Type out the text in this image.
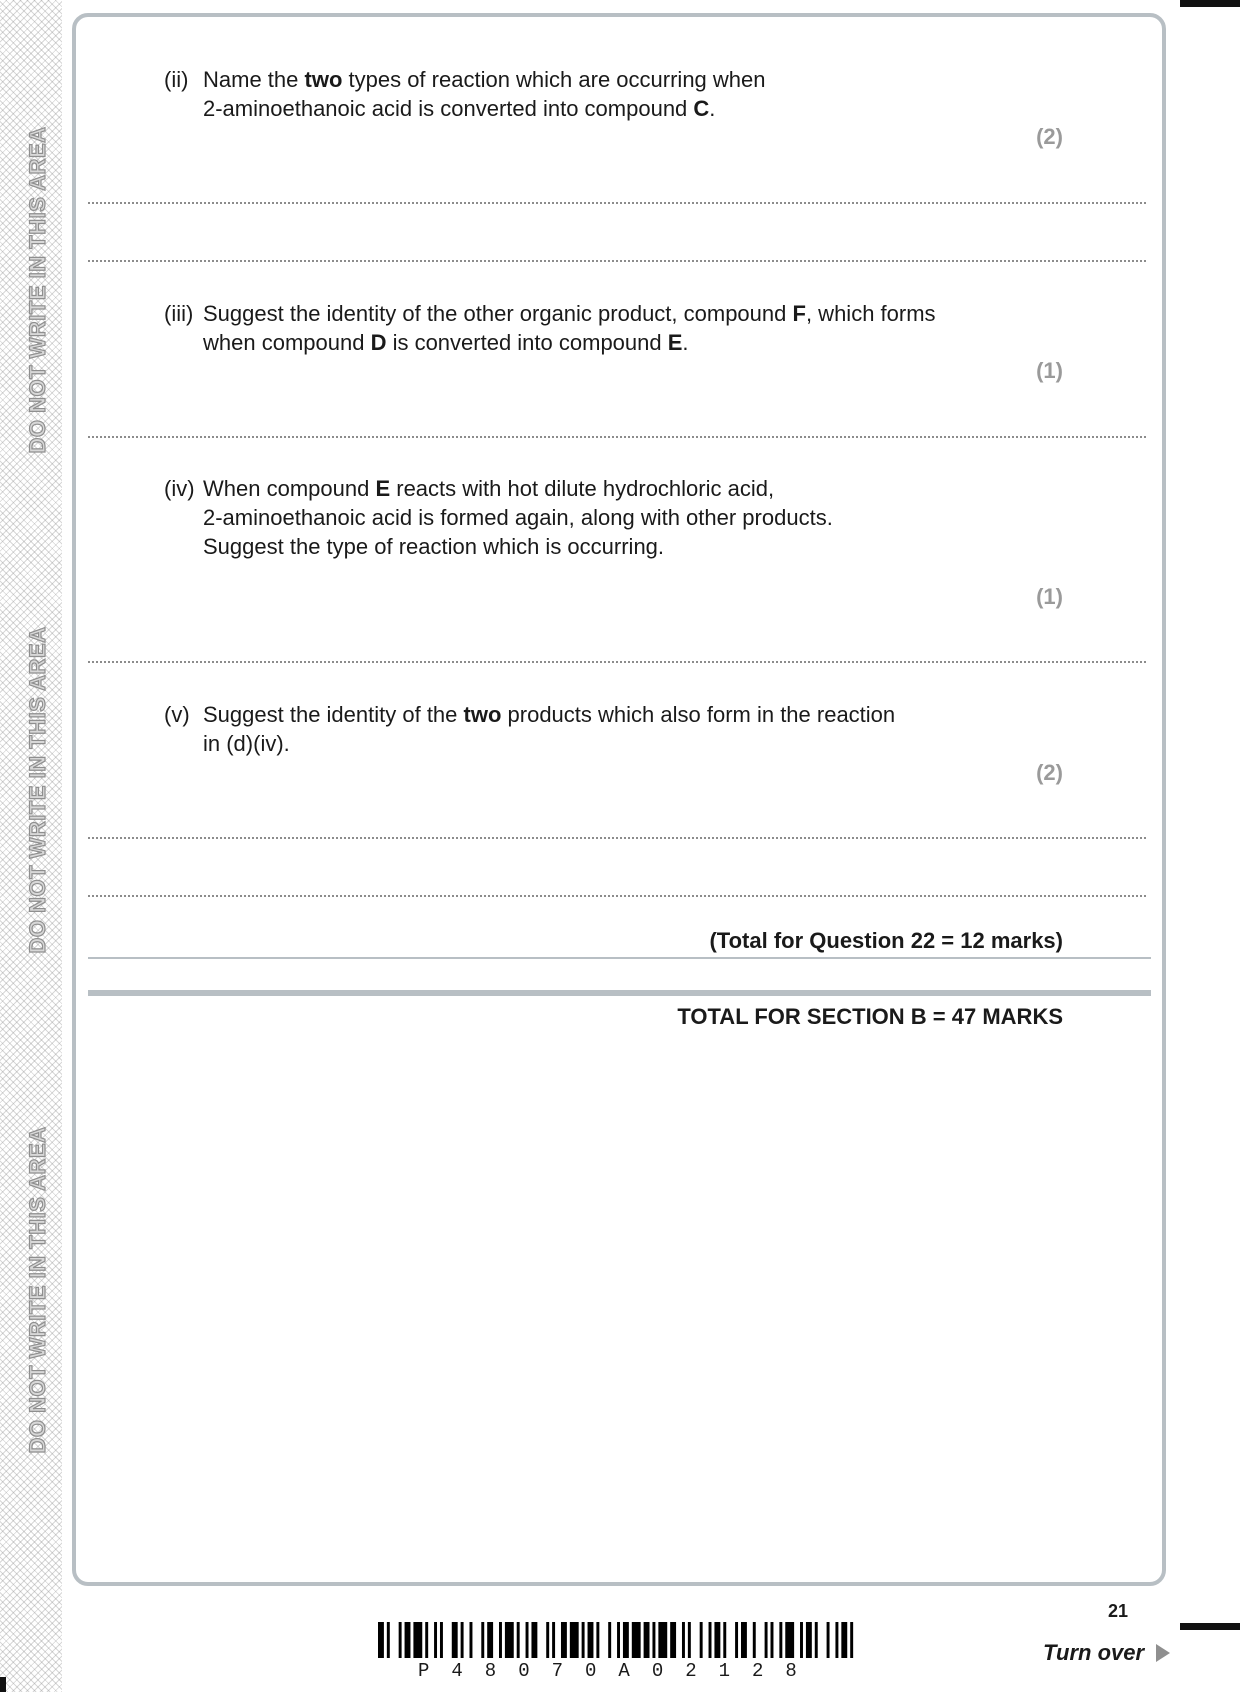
DO NOT WRITE IN THIS AREA
DO NOT WRITE IN THIS AREA
DO NOT WRITE IN THIS AREA
(ii) Name the two types of reaction which are occurring when

2-aminoethanoic acid is converted into compound C.

(2)
(iii) Suggest the identity of the other organic product, compound F, which forms

when compound D is converted into compound E.

(1)
(iv) When compound E reacts with hot dilute hydrochloric acid,

2-aminoethanoic acid is formed again, along with other products.

Suggest the type of reaction which is occurring.

(1)
(v) Suggest the identity of the two products which also form in the reaction

in (d)(iv).

(2)
(Total for Question 22 = 12 marks)
TOTAL FOR SECTION B = 47 MARKS
P48070A02128
21
Turn over
